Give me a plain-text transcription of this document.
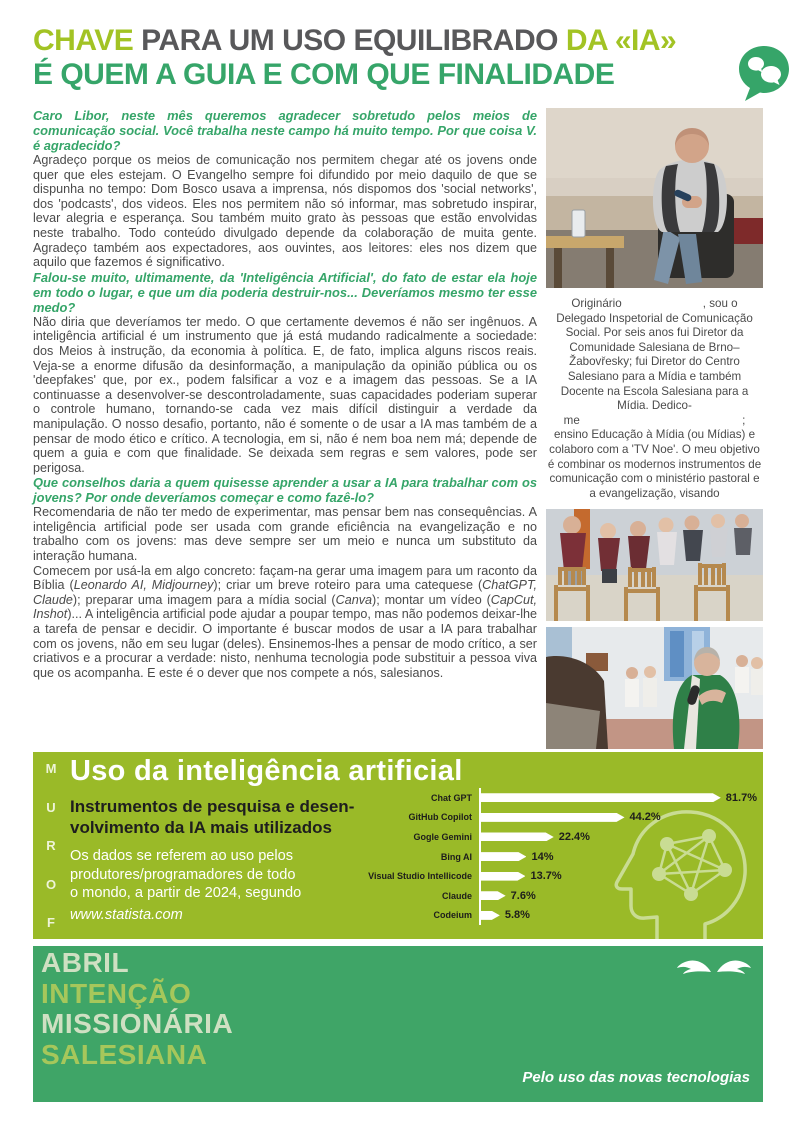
CHAVE PARA UM USO EQUILIBRADO DA «IA»
É QUEM A GUIA E COM QUE FINALIDADE

Caro Libor, neste mês queremos agradecer sobretudo pelos meios de comunicação social. Você trabalha neste campo há muito tempo. Por que coisa V. é agradecido?

Agradeço porque os meios de comunicação nos permitem chegar até os jovens onde quer que eles estejam. O Evangelho sempre foi difundido por meio daquilo de que se dispunha no tempo: Dom Bosco usava a imprensa, nós dispomos dos 'social networks', dos 'podcasts', dos videos. Eles nos permitem não só informar, mas sobretudo inspirar, levar alegria e esperança. Sou também muito grato às pessoas que estão envolvidas neste trabalho. Todo conteúdo divulgado depende da colaboração de muita gente. Agradeço também aos expectadores, aos ouvintes, aos leitores: eles nos dizem que aquilo que fazemos é significativo.

Falou-se muito, ultimamente, da 'Inteligência Artificial', do fato de estar ela hoje em todo o lugar, e que um dia poderia destruir-nos... Deveríamos mesmo ter esse medo?

Não diria que deveríamos ter medo. O que certamente devemos é não ser ingênuos. A inteligência artificial é um instrumento que já está mudando radicalmente a sociedade: dos Meios à instrução, da economia à política. E, de fato, implica alguns riscos reais. Veja-se a enorme difusão da desinformação, a manipulação da opinião pública ou os 'deepfakes' que, por ex., podem falsificar a voz e a imagem das pessoas. Se a IA continuasse a desenvolver-se descontroladamente, suas capacidades poderiam superar o controle humano, tornando-se cada vez mais difícil distinguir a verdade da manipulação. O nosso desafio, portanto, não é somente o de usar a IA mas também de a pensar de modo ético e crítico. A tecnologia, em si, não é nem boa nem má; depende de quem a guia e com que finalidade. Se deixada sem regras e sem valores, pode ser perigosa.

Que conselhos daria a quem quisesse aprender a usar a IA para trabalhar com os jovens? Por onde deveríamos começar e como fazê-lo?

Recomendaria de não ter medo de experimentar, mas pensar bem nas consequências. A inteligência artificial pode ser usada com grande eficiência na evangelização e no trabalho com os jovens: mas deve sempre ser um meio e nunca um substituto da interação humana.

Comecem por usá-la em algo concreto: façam-na gerar uma imagem para um raconto da Bíblia (Leonardo AI, Midjourney); criar um breve roteiro para uma catequese (ChatGPT, Claude); preparar uma imagem para a mídia social (Canva); montar um vídeo (CapCut, Inshot)... A inteligência artificial pode ajudar a poupar tempo, mas não podemos deixar-lhe a tarefa de pensar e decidir. O importante é buscar modos de usar a IA para trabalhar com os jovens, não em seu lugar (deles). Ensinemos-lhes a pensar de modo crítico, a ser criativos e a procurar a verdade: nisto, nenhuma tecnologia pode substituir a pessoa viva que os acompanha. E este é o dever que nos compete a nós, salesianos.

Originário       , sou o Delegado Inspetorial de Comunicação Social. Por seis anos fui Diretor da Comunidade Salesiana de Brno–Žabovřesky; fui Diretor do Centro Salesiano para a Mídia e também Docente na Escola Salesiana para a Mídia. Dedico-me              ; ensino Educação à Mídia (ou Mídias) e colaboro com a 'TV Noe'. O meu objetivo é combinar os modernos instrumentos de comunicação com o ministério pastoral e a evangelização, visando
F
O
R
U
M Uso da inteligência artificial
Instrumentos de pesquisa e desen-
volvimento da IA mais utilizados
Os dados se referem ao uso pelos
produtores/programadores de todo
o mondo, a partir de 2024, segundo
www.statista.com
Chat GPT	81.7%
GitHub Copilot	44.2%
Gogle Gemini	22.4%
Bing AI	14%
Visual Studio Intellicode	13.7%
Claude	7.6%
Codeium	5.8%
ABRIL
INTENÇÃO
MISSIONÁRIA
SALESIANA
Pelo uso das novas tecnologias
